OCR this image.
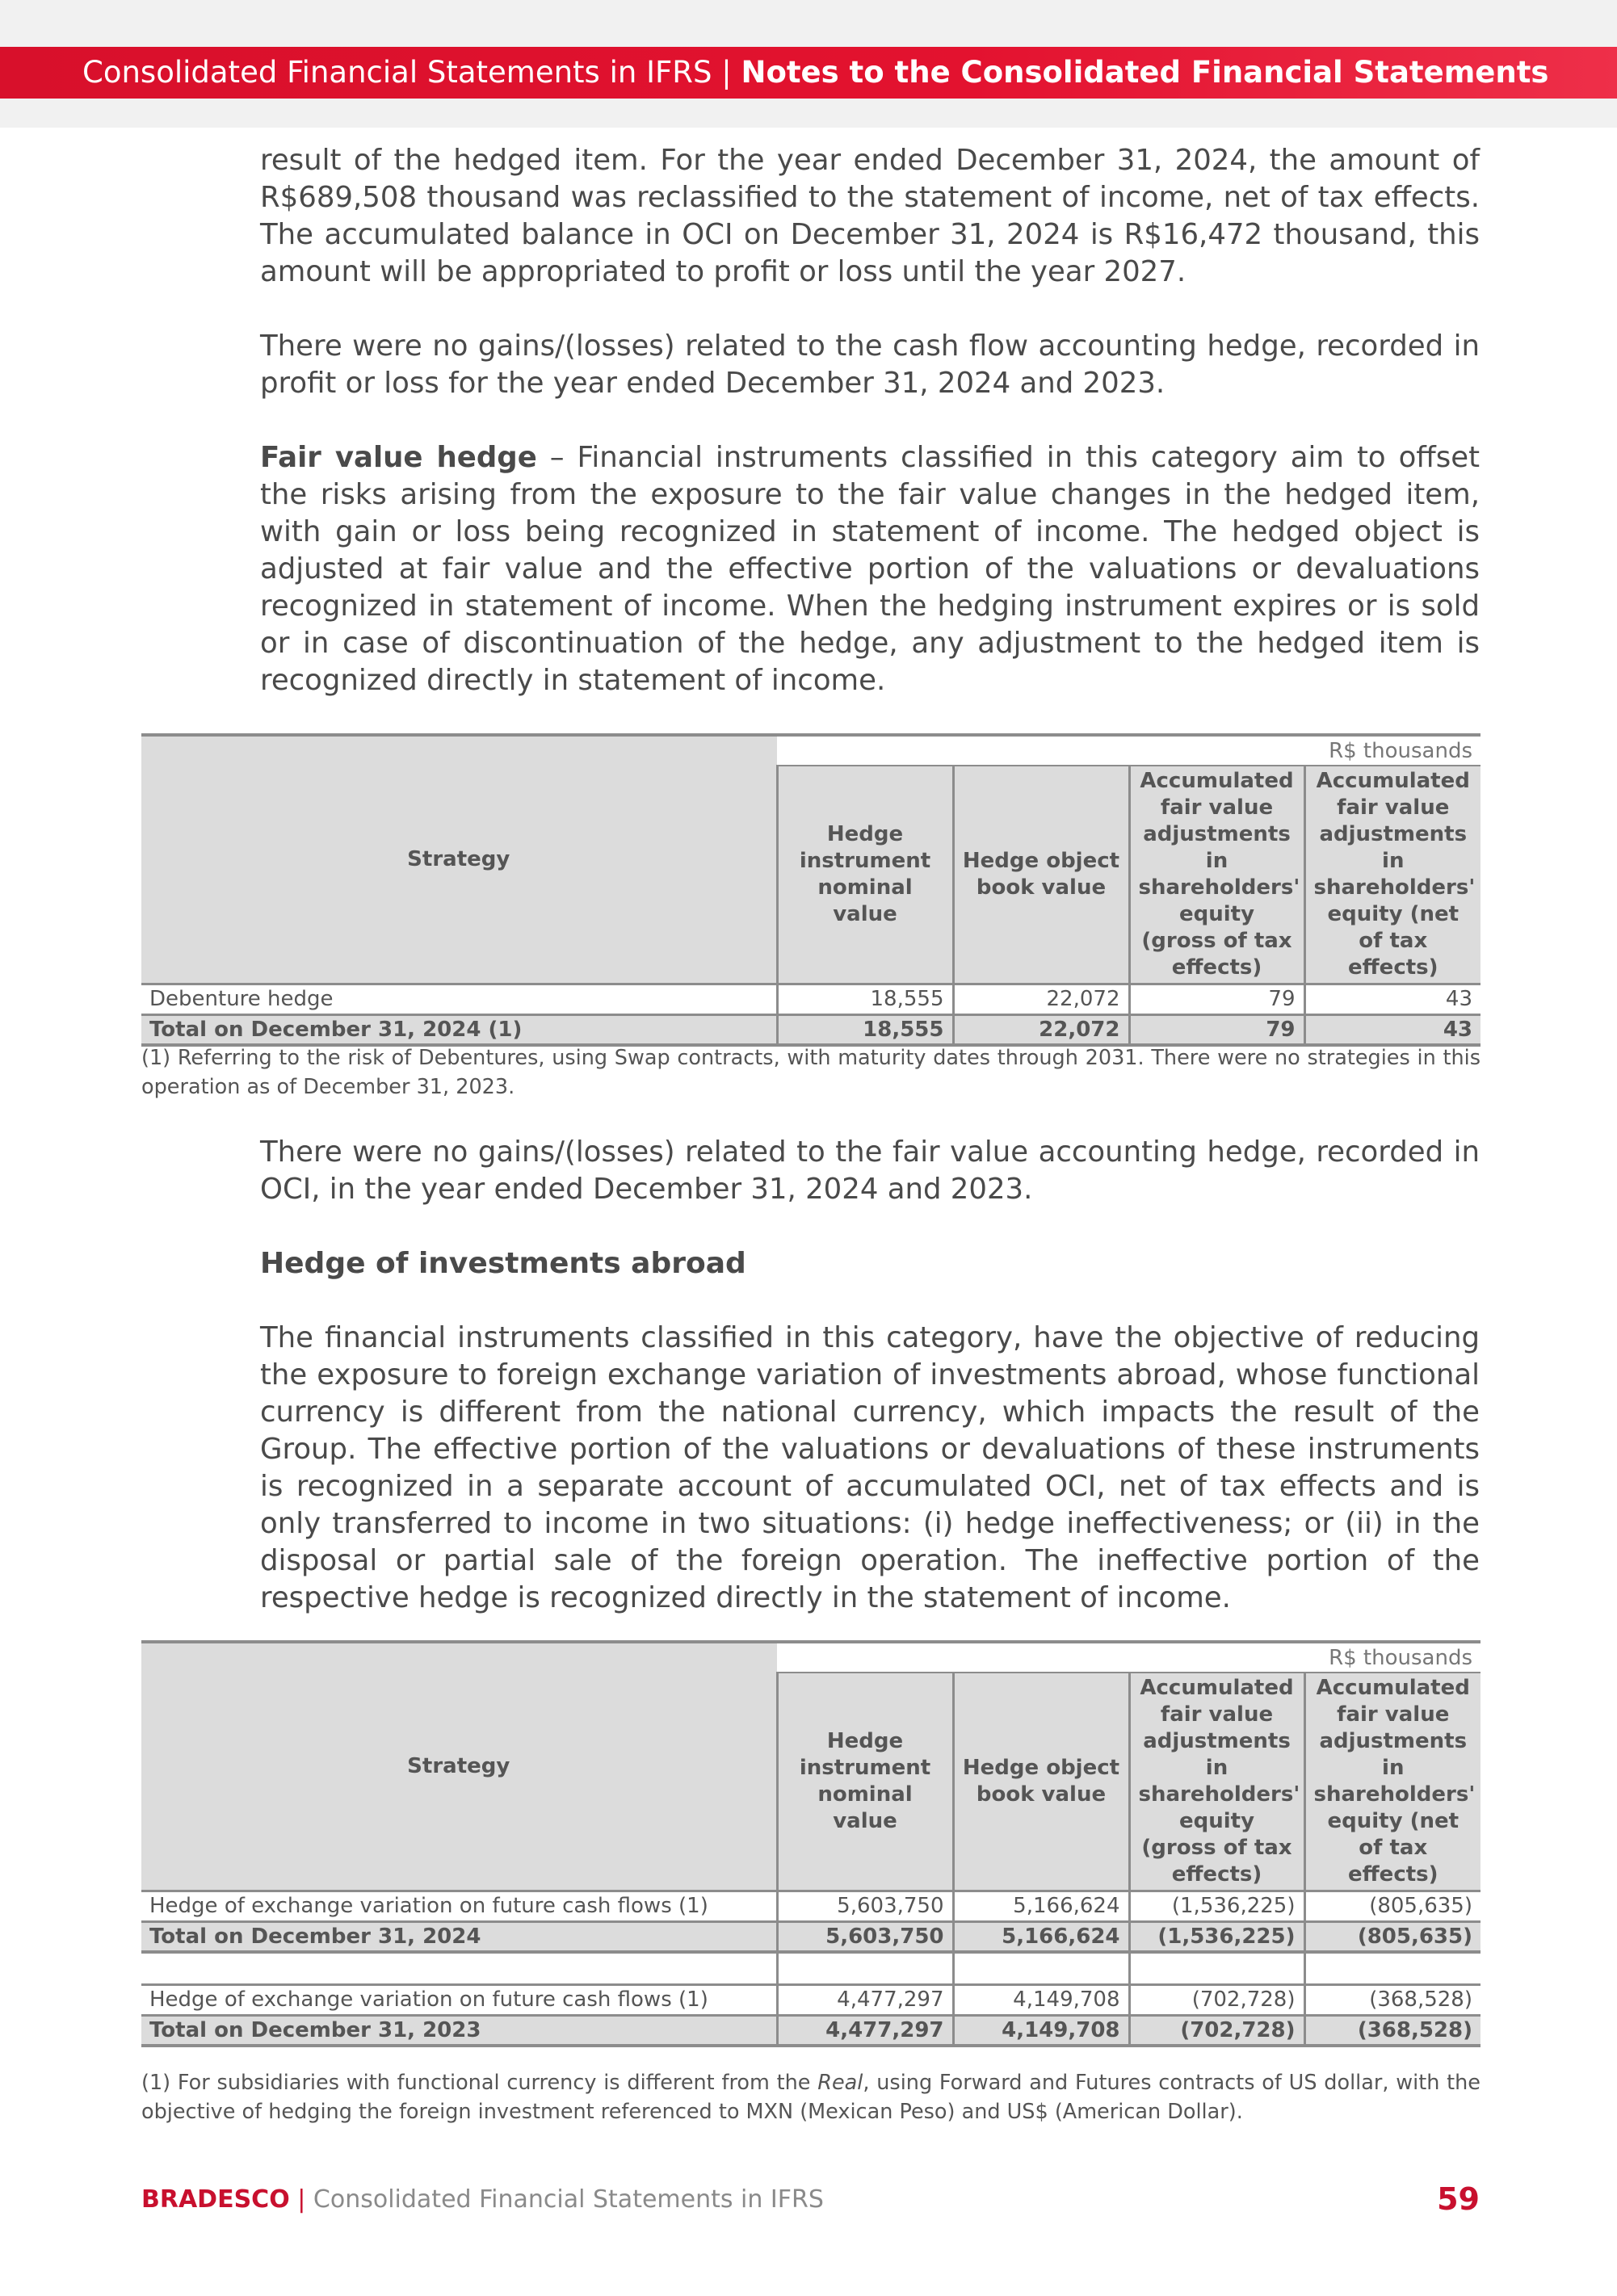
Consolidated Financial Statements in IFRS | Notes to the Consolidated Financial Statements

result of the hedged item. For the year ended December 31, 2024, the amount of R$689,508 thousand was reclassified to the statement of income, net of tax effects. The accumulated balance in OCI on December 31, 2024 is R$16,472 thousand, this amount will be appropriated to profit or loss until the year 2027.

There were no gains/(losses) related to the cash flow accounting hedge, recorded in profit or loss for the year ended December 31, 2024 and 2023.

Fair value hedge – Financial instruments classified in this category aim to offset the risks arising from the exposure to the fair value changes in the hedged item, with gain or loss being recognized in statement of income. The hedged object is adjusted at fair value and the effective portion of the valuations or devaluations recognized in statement of income. When the hedging instrument expires or is sold or in case of discontinuation of the hedge, any adjustment to the hedged item is recognized directly in statement of income.

Strategy	R$ thousands			
	Hedge instrument nominal value	Hedge object book value	Accumulated fair value adjustments in shareholders' equity (gross of tax effects)	Accumulated fair value adjustments in shareholders' equity (net of tax effects)
Debenture hedge	18,555	22,072	79	43
Total on December 31, 2024 (1)	18,555	22,072	79	43

(1) Referring to the risk of Debentures, using Swap contracts, with maturity dates through 2031. There were no strategies in this operation as of December 31, 2023.

There were no gains/(losses) related to the fair value accounting hedge, recorded in OCI, in the year ended December 31, 2024 and 2023.

Hedge of investments abroad

The financial instruments classified in this category, have the objective of reducing the exposure to foreign exchange variation of investments abroad, whose functional currency is different from the national currency, which impacts the result of the Group. The effective portion of the valuations or devaluations of these instruments is recognized in a separate account of accumulated OCI, net of tax effects and is only transferred to income in two situations: (i) hedge ineffectiveness; or (ii) in the disposal or partial sale of the foreign operation. The ineffective portion of the respective hedge is recognized directly in the statement of income.

Strategy	R$ thousands			
	Hedge instrument nominal value	Hedge object book value	Accumulated fair value adjustments in shareholders' equity (gross of tax effects)	Accumulated fair value adjustments in shareholders' equity (net of tax effects)
Hedge of exchange variation on future cash flows (1)	5,603,750	5,166,624	(1,536,225)	(805,635)
Total on December 31, 2024	5,603,750	5,166,624	(1,536,225)	(805,635)

Hedge of exchange variation on future cash flows (1)	4,477,297	4,149,708	(702,728)	(368,528)
Total on December 31, 2023	4,477,297	4,149,708	(702,728)	(368,528)

(1) For subsidiaries with functional currency is different from the Real, using Forward and Futures contracts of US dollar, with the objective of hedging the foreign investment referenced to MXN (Mexican Peso) and US$ (American Dollar).

BRADESCO | Consolidated Financial Statements in IFRS	59
